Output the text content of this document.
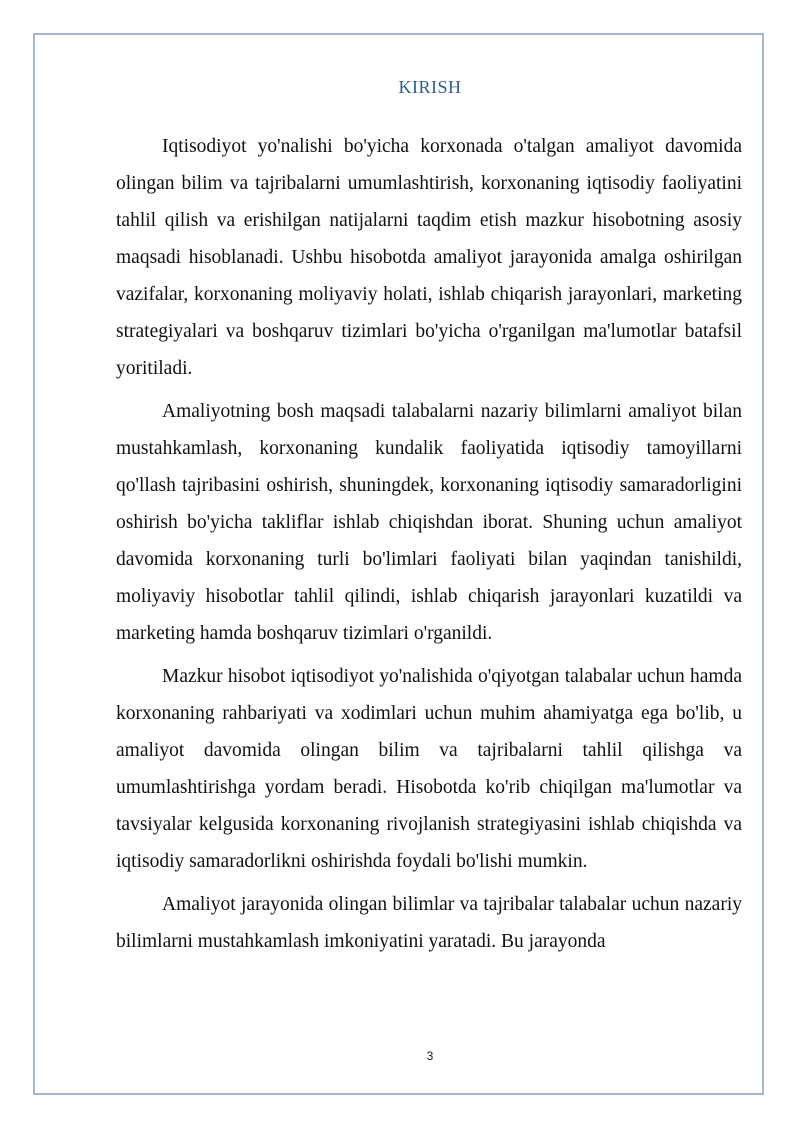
KIRISH

Iqtisodiyot yo'nalishi bo'yicha korxonada o'talgan amaliyot davomida olingan bilim va tajribalarni umumlashtirish, korxonaning iqtisodiy faoliyatini tahlil qilish va erishilgan natijalarni taqdim etish mazkur hisobotning asosiy maqsadi hisoblanadi. Ushbu hisobotda amaliyot jarayonida amalga oshirilgan vazifalar, korxonaning moliyaviy holati, ishlab chiqarish jarayonlari, marketing strategiyalari va boshqaruv tizimlari bo'yicha o'rganilgan ma'lumotlar batafsil yoritiladi.

Amaliyotning bosh maqsadi talabalarni nazariy bilimlarni amaliyot bilan mustahkamlash, korxonaning kundalik faoliyatida iqtisodiy tamoyillarni qo'llash tajribasini oshirish, shuningdek, korxonaning iqtisodiy samaradorligini oshirish bo'yicha takliflar ishlab chiqishdan iborat. Shuning uchun amaliyot davomida korxonaning turli bo'limlari faoliyati bilan yaqindan tanishildi, moliyaviy hisobotlar tahlil qilindi, ishlab chiqarish jarayonlari kuzatildi va marketing hamda boshqaruv tizimlari o'rganildi.

Mazkur hisobot iqtisodiyot yo'nalishida o'qiyotgan talabalar uchun hamda korxonaning rahbariyati va xodimlari uchun muhim ahamiyatga ega bo'lib, u amaliyot davomida olingan bilim va tajribalarni tahlil qilishga va umumlashtirishga yordam beradi. Hisobotda ko'rib chiqilgan ma'lumotlar va tavsiyalar kelgusida korxonaning rivojlanish strategiyasini ishlab chiqishda va iqtisodiy samaradorlikni oshirishda foydali bo'lishi mumkin.

Amaliyot jarayonida olingan bilimlar va tajribalar talabalar uchun nazariy bilimlarni mustahkamlash imkoniyatini yaratadi. Bu jarayonda

3
